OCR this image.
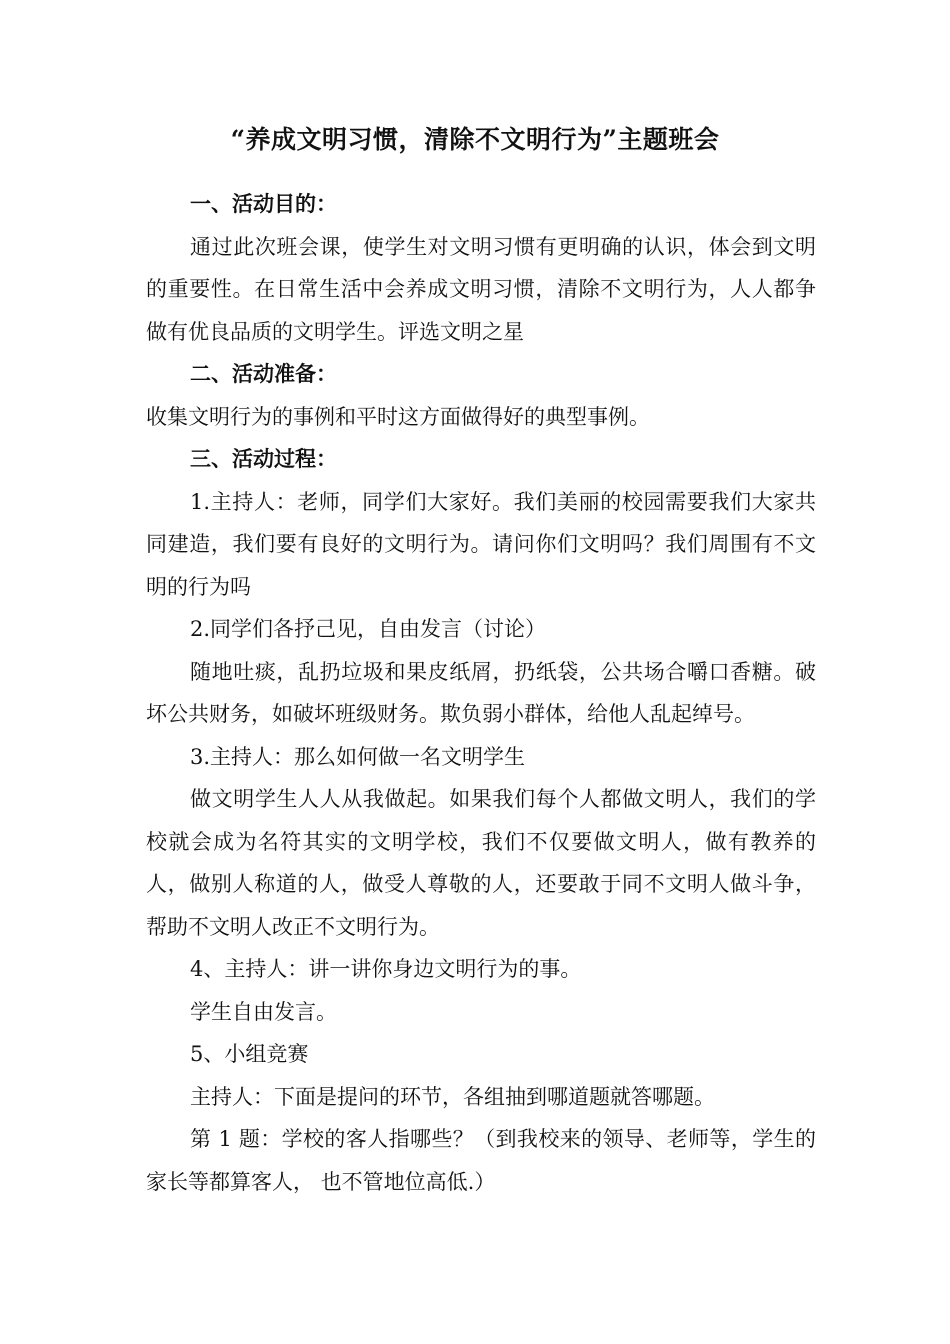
“养成文明习惯，清除不文明行为”主题班会

一、活动目的：

通过此次班会课，使学生对文明习惯有更明确的认识，体会到文明的重要性。在日常生活中会养成文明习惯，清除不文明行为，人人都争做有优良品质的文明学生。评选文明之星

二、活动准备：

收集文明行为的事例和平时这方面做得好的典型事例。

三、活动过程：

1.主持人：老师，同学们大家好。我们美丽的校园需要我们大家共同建造，我们要有良好的文明行为。请问你们文明吗？我们周围有不文明的行为吗

2.同学们各抒己见，自由发言（讨论）

随地吐痰，乱扔垃圾和果皮纸屑，扔纸袋，公共场合嚼口香糖。破坏公共财务，如破坏班级财务。欺负弱小群体，给他人乱起绰号。

3.主持人：那么如何做一名文明学生

做文明学生人人从我做起。如果我们每个人都做文明人，我们的学校就会成为名符其实的文明学校，我们不仅要做文明人，做有教养的人，做别人称道的人，做受人尊敬的人，还要敢于同不文明人做斗争，帮助不文明人改正不文明行为。

4、主持人：讲一讲你身边文明行为的事。

学生自由发言。

5、小组竞赛

主持人：下面是提问的环节，各组抽到哪道题就答哪题。

第 1 题：学校的客人指哪些？（到我校来的领导、老师等，学生的家长等都算客人， 也不管地位高低.）
